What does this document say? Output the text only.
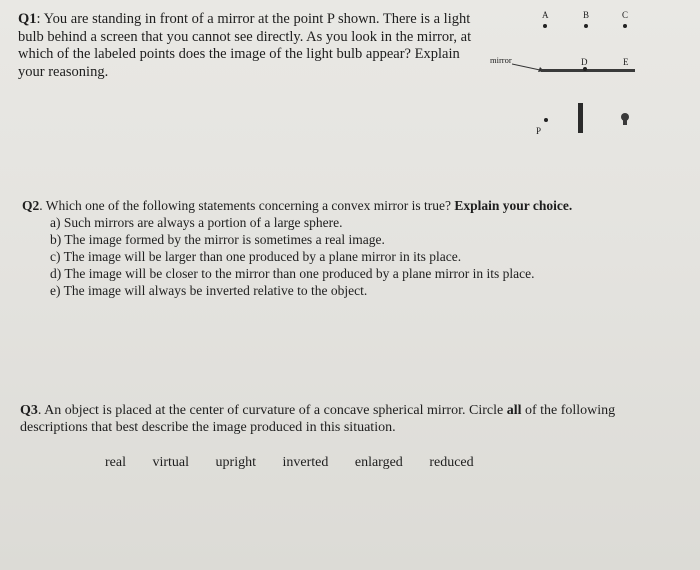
Q1: You are standing in front of a mirror at the point P shown. There is a light bulb behind a screen that you cannot see directly. As you look in the mirror, at which of the labeled points does the image of the light bulb appear? Explain your reasoning.
A	B	C
mirror	D	E
P
Q2. Which one of the following statements concerning a convex mirror is true? Explain your choice.
a) Such mirrors are always a portion of a large sphere.
b) The image formed by the mirror is sometimes a real image.
c) The image will be larger than one produced by a plane mirror in its place.
d) The image will be closer to the mirror than one produced by a plane mirror in its place.
e) The image will always be inverted relative to the object.
Q3. An object is placed at the center of curvature of a concave spherical mirror. Circle all of the following descriptions that best describe the image produced in this situation.
real virtual upright inverted enlarged reduced
